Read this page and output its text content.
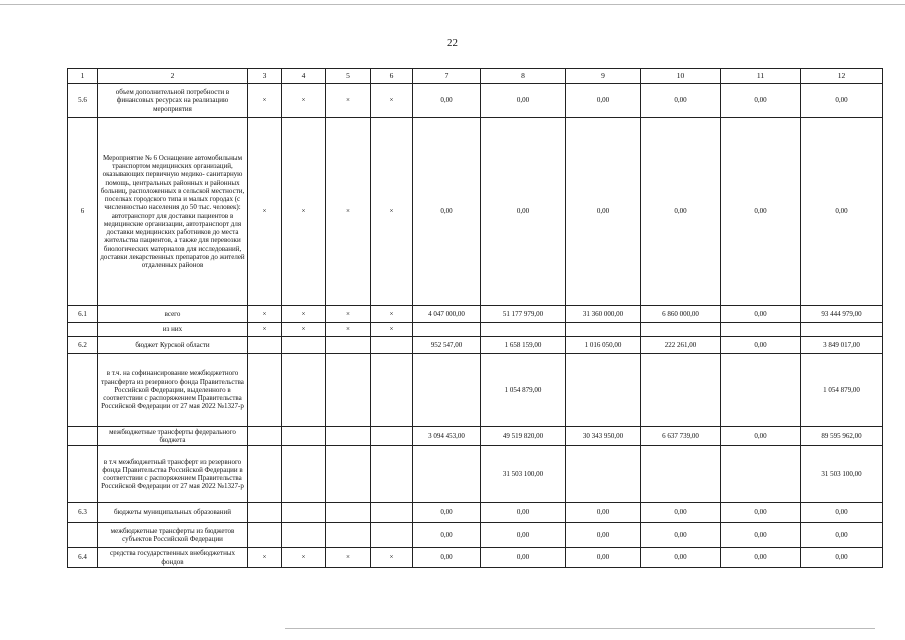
22
1	2	3	4	5	6	7	8	9	10	11	12
5.6	объем дополнительной потребности в финансовых ресурсах на реализацию мероприятия	×	×	×	×	0,00	0,00	0,00	0,00	0,00	0,00
6	Мероприятие № 6 Оснащение автомобильным транспортом медицинских организаций, оказывающих первичную медико- санитарную помощь, центральных районных и районных больниц, расположенных в сельской местности, поселках городского типа и малых городах (с численностью населения до 50 тыс. человек): автотранспорт для доставки пациентов в медицинские организации, автотранспорт для доставки медицинских работников до места жительства пациентов, а также для перевозки биологических материалов для исследований, доставки лекарственных препаратов до жителей отдаленных районов	×	×	×	×	0,00	0,00	0,00	0,00	0,00	0,00
6.1	всего	×	×	×	×	4 047 000,00	51 177 979,00	31 360 000,00	6 860 000,00	0,00	93 444 979,00
	из них	×	×	×	×						
6.2	бюджет Курской области					952 547,00	1 658 159,00	1 016 050,00	222 261,00	0,00	3 849 017,00
	в т.ч. на софинансирование межбюджетного трансферта из резервного фонда Правительства Российской Федерации, выделенного в соответствии с распоряжением Правительства Российской Федерации от 27 мая 2022 №1327-р						1 054 879,00				1 054 879,00
	межбюджетные трансферты федерального бюджета					3 094 453,00	49 519 820,00	30 343 950,00	6 637 739,00	0,00	89 595 962,00
	в т.ч межбюджетный трансферт из резервного фонда Правительства Российской Федерации в соответствии с распоряжением Правительства Российской Федерации от 27 мая 2022 №1327-р						31 503 100,00				31 503 100,00
6.3	бюджеты муниципальных образований					0,00	0,00	0,00	0,00	0,00	0,00
	межбюджетные трансферты из бюджетов субъектов Российской Федерации					0,00	0,00	0,00	0,00	0,00	0,00
6.4	средства государственных внебюджетных фондов	×	×	×	×	0,00	0,00	0,00	0,00	0,00	0,00
